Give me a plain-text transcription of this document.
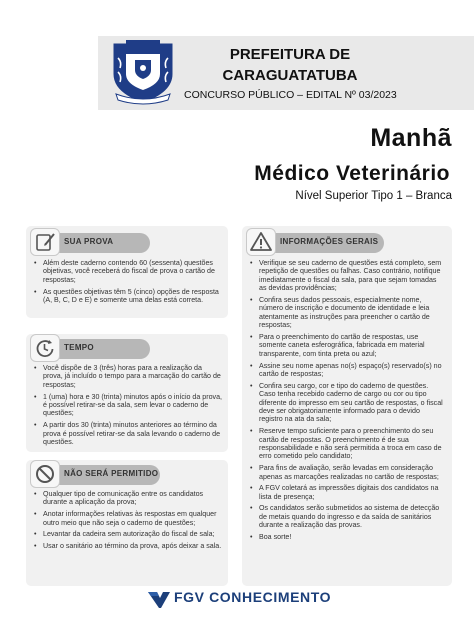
PREFEITURA DE
CARAGUATATUBA
CONCURSO PÚBLICO – EDITAL Nº 03/2023
Manhã
Médico Veterinário
Nível Superior Tipo 1 – Branca
SUA PROVA
• Além deste caderno contendo 60 (sessenta) questões objetivas, você receberá do fiscal de prova o cartão de respostas;
• As questões objetivas têm 5 (cinco) opções de resposta (A, B, C, D e E) e somente uma delas está correta.
TEMPO
• Você dispõe de 3 (três) horas para a realização da prova, já incluído o tempo para a marcação do cartão de respostas;
• 1 (uma) hora e 30 (trinta) minutos após o início da prova, é possível retirar-se da sala, sem levar o caderno de questões;
• A partir dos 30 (trinta) minutos anteriores ao término da prova é possível retirar-se da sala levando o caderno de questões.
NÃO SERÁ PERMITIDO
• Qualquer tipo de comunicação entre os candidatos durante a aplicação da prova;
• Anotar informações relativas às respostas em qualquer outro meio que não seja o caderno de questões;
• Levantar da cadeira sem autorização do fiscal de sala;
• Usar o sanitário ao término da prova, após deixar a sala.
INFORMAÇÕES GERAIS
• Verifique se seu caderno de questões está completo, sem repetição de questões ou falhas. Caso contrário, notifique imediatamente o fiscal da sala, para que sejam tomadas as devidas providências;
• Confira seus dados pessoais, especialmente nome, número de inscrição e documento de identidade e leia atentamente as instruções para preencher o cartão de respostas;
• Para o preenchimento do cartão de respostas, use somente caneta esferográfica, fabricada em material transparente, com tinta preta ou azul;
• Assine seu nome apenas no(s) espaço(s) reservado(s) no cartão de respostas;
• Confira seu cargo, cor e tipo do caderno de questões. Caso tenha recebido caderno de cargo ou cor ou tipo diferente do impresso em seu cartão de respostas, o fiscal deve ser obrigatoriamente informado para o devido registro na ata da sala;
• Reserve tempo suficiente para o preenchimento do seu cartão de respostas. O preenchimento é de sua responsabilidade e não será permitida a troca em caso de erro cometido pelo candidato;
• Para fins de avaliação, serão levadas em consideração apenas as marcações realizadas no cartão de respostas;
• A FGV coletará as impressões digitais dos candidatos na lista de presença;
• Os candidatos serão submetidos ao sistema de detecção de metais quando do ingresso e da saída de sanitários durante a realização das provas.
• Boa sorte!
FGV CONHECIMENTO
